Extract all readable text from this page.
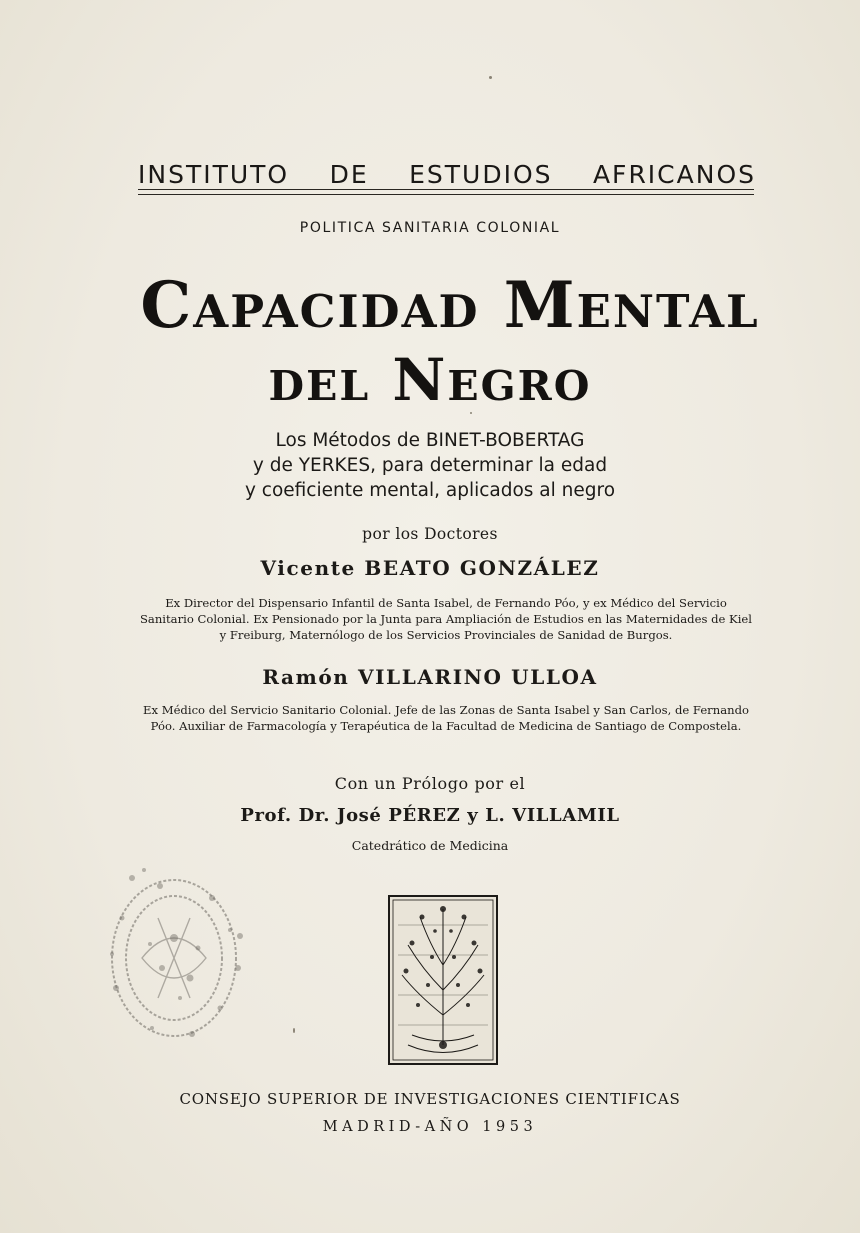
INSTITUTO DE ESTUDIOS AFRICANOS
POLITICA SANITARIA COLONIAL
Capacidad Mental
del Negro
Los Métodos de BINET-BOBERTAG
y de YERKES, para determinar la edad
y coeficiente mental, aplicados al negro
por los Doctores
Vicente BEATO GONZÁLEZ
Ex Director del Dispensario Infantil de Santa Isabel, de Fernando Póo, y ex Médico del Servicio Sanitario Colonial. Ex Pensionado por la Junta para Ampliación de Estudios en las Maternidades de Kiel y Freiburg, Maternólogo de los Servicios Provinciales de Sanidad de Burgos.
Ramón VILLARINO ULLOA
Ex Médico del Servicio Sanitario Colonial. Jefe de las Zonas de Santa Isabel y San Carlos, de Fernando Póo. Auxiliar de Farmacología y Terapéutica de la Facultad de Medicina de Santiago de Compostela.
Con un Prólogo por el
Prof. Dr. José PÉREZ y L. VILLAMIL
Catedrático de Medicina
CONSEJO SUPERIOR DE INVESTIGACIONES CIENTIFICAS
MADRID-AÑO 1953
